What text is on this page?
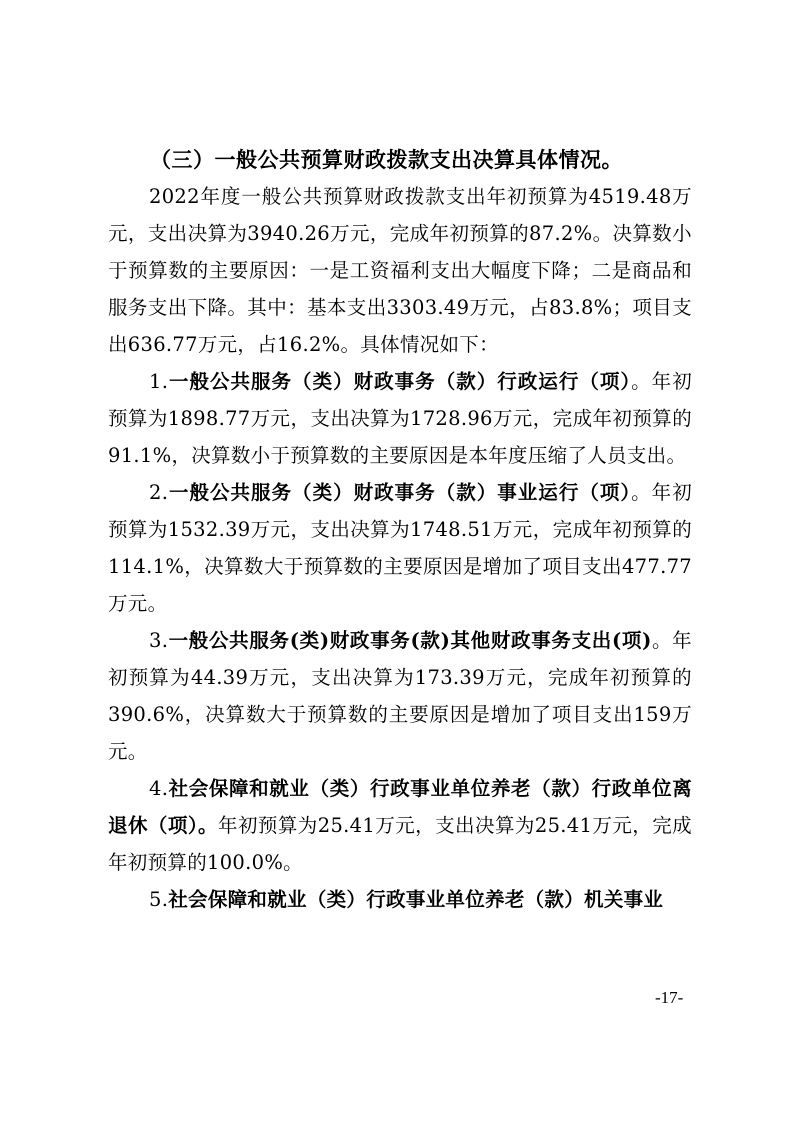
（三）一般公共预算财政拨款支出决算具体情况。

2022年度一般公共预算财政拨款支出年初预算为4519.48万元，支出决算为3940.26万元，完成年初预算的87.2%。决算数小于预算数的主要原因：一是工资福利支出大幅度下降；二是商品和服务支出下降。其中：基本支出3303.49万元，占83.8%；项目支出636.77万元，占16.2%。具体情况如下：

1.一般公共服务（类）财政事务（款）行政运行（项）。年初预算为1898.77万元，支出决算为1728.96万元，完成年初预算的91.1%，决算数小于预算数的主要原因是本年度压缩了人员支出。

2.一般公共服务（类）财政事务（款）事业运行（项）。年初预算为1532.39万元，支出决算为1748.51万元，完成年初预算的114.1%，决算数大于预算数的主要原因是增加了项目支出477.77万元。

3.一般公共服务(类)财政事务(款)其他财政事务支出(项)。年初预算为44.39万元，支出决算为173.39万元，完成年初预算的390.6%，决算数大于预算数的主要原因是增加了项目支出159万元。

4.社会保障和就业（类）行政事业单位养老（款）行政单位离退休（项）。年初预算为25.41万元，支出决算为25.41万元，完成年初预算的100.0%。

5.社会保障和就业（类）行政事业单位养老（款）机关事业

-17-
